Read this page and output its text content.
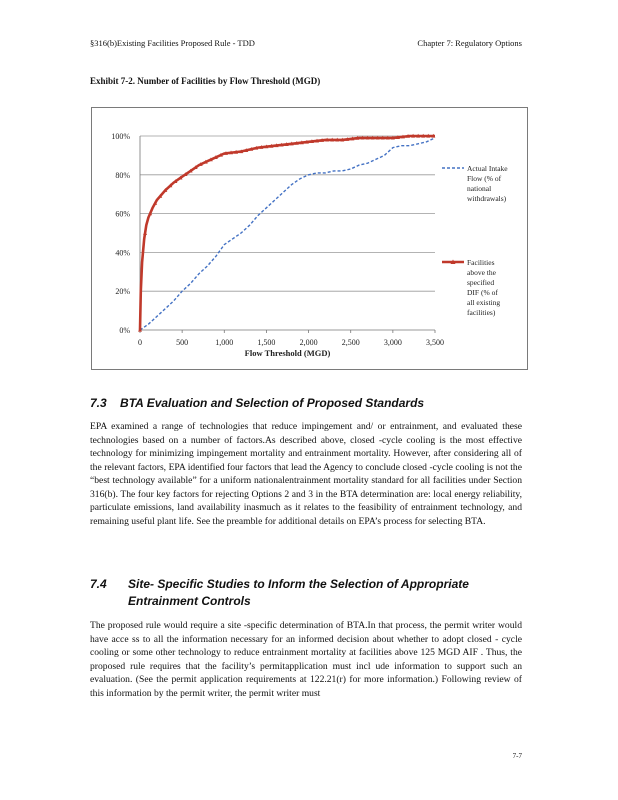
§316(b)Existing Facilities Proposed Rule - TDD	Chapter 7: Regulatory Options
Exhibit 7-2. Number of Facilities by Flow Threshold (MGD)
0%
20%
40%
60%
80%
100%
0	500	1,000	1,500	2,000	2,500	3,000	3,500
Flow Threshold (MGD)
Actual Intake Flow (% of national withdrawals)
Facilities above the specified DIF (% of all existing facilities)
7.3 BTA Evaluation and Selection of Proposed Standards

EPA examined a range of technologies that reduce impingement and/ or entrainment, and evaluated these technologies based on a number of factors.As described above, closed -cycle cooling is the most effective technology for minimizing impingement mortality and entrainment mortality. However, after considering all of the relevant factors, EPA identified four factors that lead the Agency to conclude closed -cycle cooling is not the “best technology available” for a uniform nationalentrainment mortality standard for all facilities under Section 316(b). The four key factors for rejecting Options 2 and 3 in the BTA determination are: local energy reliability, particulate emissions, land availability inasmuch as it relates to the feasibility of entrainment technology, and remaining useful plant life. See the preamble for additional details on EPA’s process for selecting BTA.

7.4 Site- Specific Studies to Inform the Selection of Appropriate
Entrainment Controls

The proposed rule would require a site -specific determination of BTA.In that process, the permit writer would have acce ss to all the information necessary for an informed decision about whether to adopt closed - cycle cooling or some other technology to reduce entrainment mortality at facilities above 125 MGD AIF . Thus, the proposed rule requires that the facility’s permitapplication must incl ude information to support such an evaluation. (See the permit application requirements at 122.21(r) for more information.) Following review of this information by the permit writer, the permit writer must

7-7
